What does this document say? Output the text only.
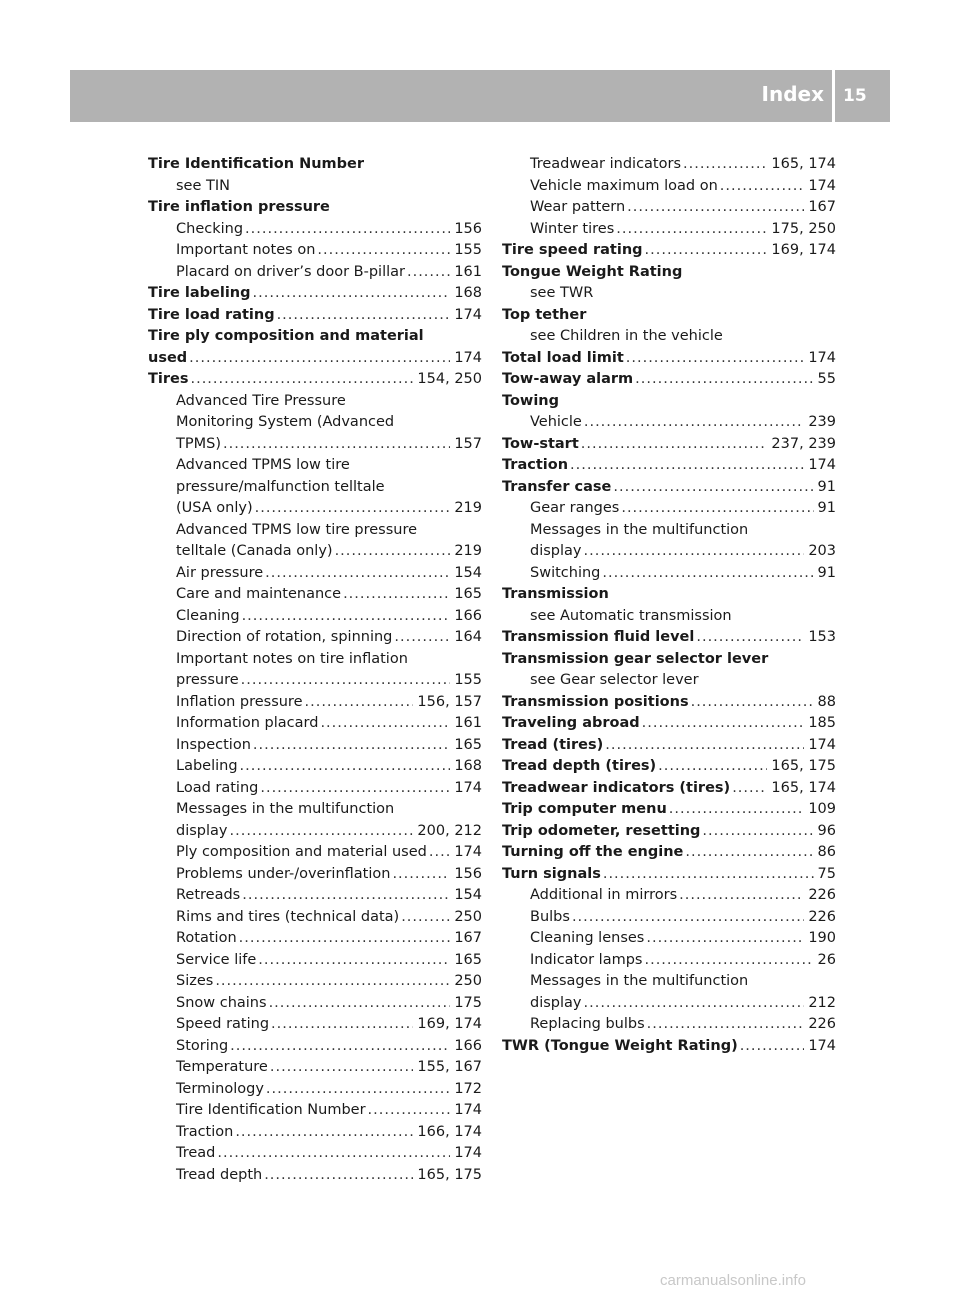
Index 15
Tire Identification Number
see TIN
Tire inflation pressure
Checking .....	156
Important notes on .....	155
Placard on driver’s door B-pillar .....	161
Tire labeling .....	168
Tire load rating .....	174
Tire ply composition and material
used .....	174
Tires .....	154, 250
Advanced Tire Pressure
Monitoring System (Advanced
TPMS) .....	157
Advanced TPMS low tire
pressure/malfunction telltale
(USA only) .....	219
Advanced TPMS low tire pressure
telltale (Canada only) .....	219
Air pressure .....	154
Care and maintenance .....	165
Cleaning .....	166
Direction of rotation, spinning .....	164
Important notes on tire inflation
pressure .....	155
Inflation pressure .....	156, 157
Information placard .....	161
Inspection .....	165
Labeling .....	168
Load rating .....	174
Messages in the multifunction
display .....	200, 212
Ply composition and material used ..... 174
Problems under-/overinflation .....	156
Retreads .....	154
Rims and tires (technical data) .....	250
Rotation .....	167
Service life .....	165
Sizes .....	250
Snow chains .....	175
Speed rating .....	169, 174
Storing .....	166
Temperature .....	155, 167
Terminology .....	172
Tire Identification Number .....	174
Traction .....	166, 174
Tread .....	174
Tread depth .....	165, 175
Treadwear indicators .....	165, 174
Vehicle maximum load on .....	174
Wear pattern .....	167
Winter tires .....	175, 250
Tire speed rating .....	169, 174
Tongue Weight Rating
see TWR
Top tether
see Children in the vehicle
Total load limit .....	174
Tow-away alarm .....	55
Towing
Vehicle .....	239
Tow-start .....	237, 239
Traction .....	174
Transfer case .....	91
Gear ranges .....	91
Messages in the multifunction
display .....	203
Switching .....	91
Transmission
see Automatic transmission
Transmission fluid level .....	153
Transmission gear selector lever
see Gear selector lever
Transmission positions .....	88
Traveling abroad .....	185
Tread (tires) .....	174
Tread depth (tires) .....	165, 175
Treadwear indicators (tires) .....	165, 174
Trip computer menu .....	109
Trip odometer, resetting .....	96
Turning off the engine .....	86
Turn signals .....	75
Additional in mirrors .....	226
Bulbs .....	226
Cleaning lenses .....	190
Indicator lamps .....	26
Messages in the multifunction
display .....	212
Replacing bulbs .....	226
TWR (Tongue Weight Rating) .....	174
carmanualsonline.info
